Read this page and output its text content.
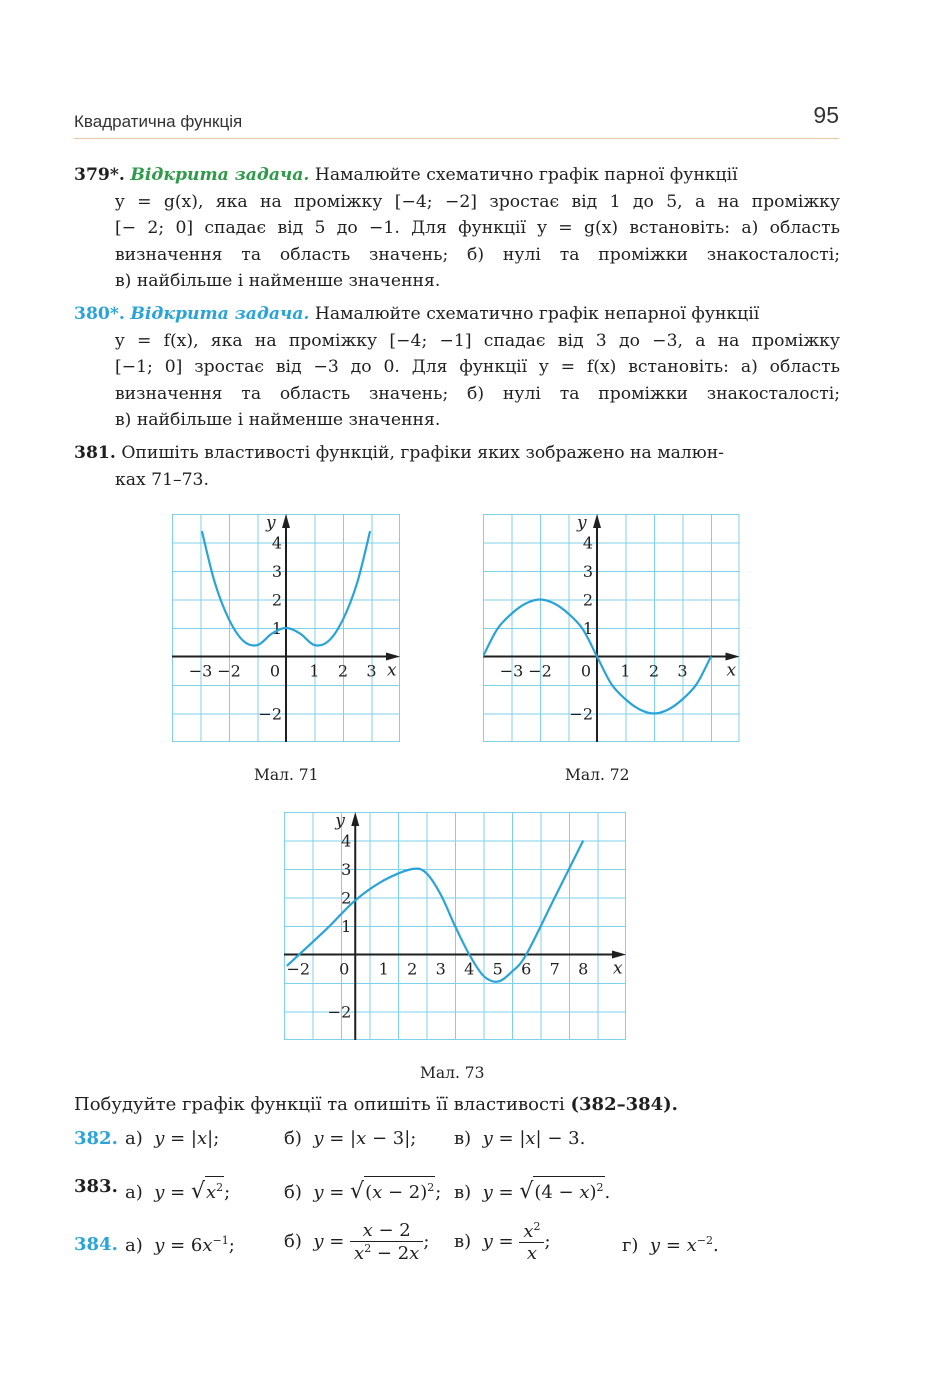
Квадратична функція	95
379*. Відкрита задача. Намалюйте схематично графік парної функції
y = g(x), яка на проміжку [−4; −2] зростає від 1 до 5, а на проміжку
[− 2; 0] спадає від 5 до −1. Для функції y = g(x) встановіть: а) область
визначення та область значень; б) нулі та проміжки знакосталості;
в) найбільше і найменше значення.
380*. Відкрита задача. Намалюйте схематично графік непарної функції
y = f(x), яка на проміжку [−4; −1] спадає від 3 до −3, а на проміжку
[−1; 0] зростає від −3 до 0. Для функції y = f(x) встановіть: а) область
визначення та область значень; б) нулі та проміжки знакосталості;
в) найбільше і найменше значення.
381. Опишіть властивості функцій, графіки яких зображено на малюн-
ках 71–73.
x
y
−3 −2 0 1 2 3
4
3
2
1
−2
Мал. 71
x
y
−3 −2 0 1 2 3
4
3
2
1
−2
Мал. 72
x
y
−2 0 1 2 3 4 5 6 7 8
4
3
2
1
−2
Мал. 73
Побудуйте графік функції та опишіть її властивості (382–384).
382. а) y = |x|;	б) y = |x − 3|; в) y = |x| − 3.
383. а) $y = √x^2$;	б) $y = √(x - 2)^2$; в) $y = √(4 - x)^2$.
384. а) $y = 6x^{-1}$;	б) $y = \frac{x - 2}{x^2 - 2x}$ ; в) $y = \frac{x^2}{x}$ ;	г) $y = x^{-2}$.
